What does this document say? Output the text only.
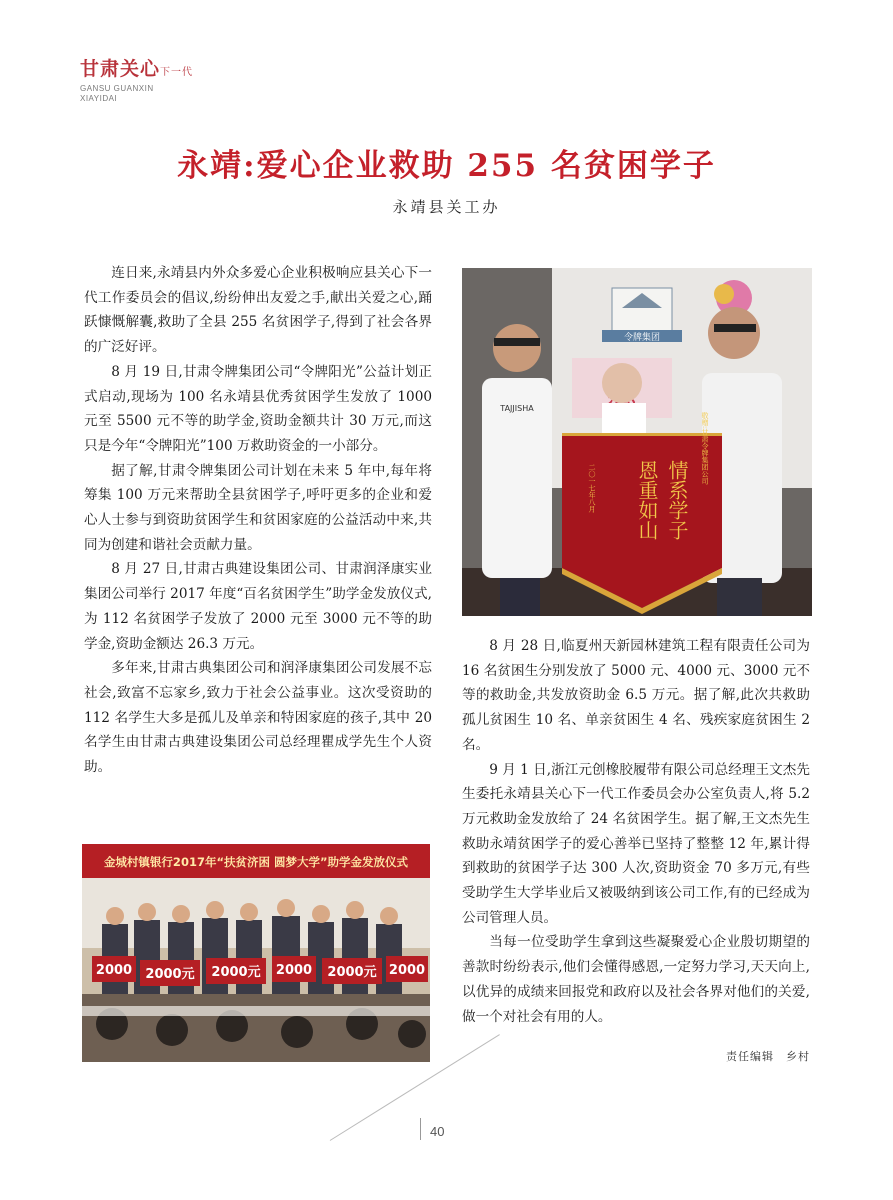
甘肃关心下一代
GANSU GUANXIN
XIAYIDAI
永靖:爱心企业救助 255 名贫困学子
永靖县关工办

连日来,永靖县内外众多爱心企业积极响应县关心下一代工作委员会的倡议,纷纷伸出友爱之手,献出关爱之心,踊跃慷慨解囊,救助了全县 255 名贫困学子,得到了社会各界的广泛好评。

8 月 19 日,甘肃令牌集团公司“令牌阳光”公益计划正式启动,现场为 100 名永靖县优秀贫困学生发放了 1000 元至 5500 元不等的助学金,资助金额共计 30 万元,而这只是今年“令牌阳光”100 万救助资金的一小部分。

据了解,甘肃令牌集团公司计划在未来 5 年中,每年将筹集 100 万元来帮助全县贫困学子,呼吁更多的企业和爱心人士参与到资助贫困学生和贫困家庭的公益活动中来,共同为创建和谐社会贡献力量。

8 月 27 日,甘肃古典建设集团公司、甘肃润泽康实业集团公司举行 2017 年度“百名贫困学生”助学金发放仪式,为 112 名贫困学子发放了 2000 元至 3000 元不等的助学金,资助金额达 26.3 万元。

多年来,甘肃古典集团公司和润泽康集团公司发展不忘社会,致富不忘家乡,致力于社会公益事业。这次受资助的 112 名学生大多是孤儿及单亲和特困家庭的孩子,其中 20 名学生由甘肃古典建设集团公司总经理瞿成学先生个人资助。

令牌集团
TAJJISHA
情系学子
恩重如山
敬赠:甘肃令牌集团公司
二〇一七年八月

8 月 28 日,临夏州天新园林建筑工程有限责任公司为 16 名贫困生分别发放了 5000 元、4000 元、3000 元不等的救助金,共发放资助金 6.5 万元。据了解,此次共救助孤儿贫困生 10 名、单亲贫困生 4 名、残疾家庭贫困生 2 名。

9 月 1 日,浙江元创橡胶履带有限公司总经理王文杰先生委托永靖县关心下一代工作委员会办公室负责人,将 5.2 万元救助金发放给了 24 名贫困学生。据了解,王文杰先生救助永靖贫困学子的爱心善举已坚持了整整 12 年,累计得到救助的贫困学子达 300 人次,资助资金 70 多万元,有些受助学生大学毕业后又被吸纳到该公司工作,有的已经成为公司管理人员。

当每一位受助学生拿到这些凝聚爱心企业殷切期望的善款时纷纷表示,他们会懂得感恩,一定努力学习,天天向上,以优异的成绩来回报党和政府以及社会各界对他们的关爱,做一个对社会有用的人。

金城村镇银行2017年“扶贫济困 圆梦大学”助学金发放仪式
2000 2000元 2000元 2000 2000元 2000
责任编辑　乡村
40
